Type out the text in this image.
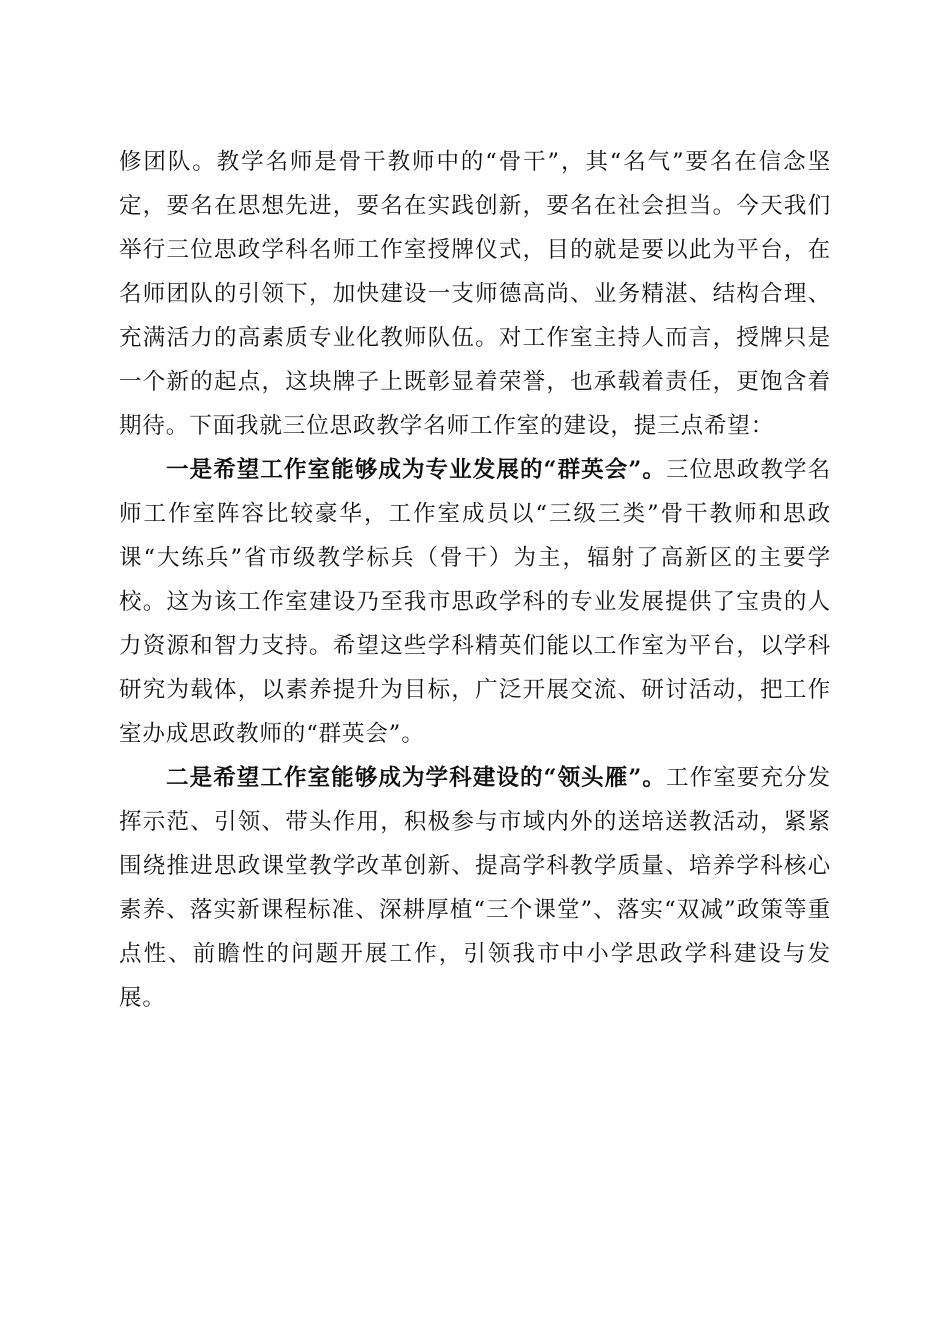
修团队。教学名师是骨干教师中的“骨干”，其“名气”要名在信念坚定，要名在思想先进，要名在实践创新，要名在社会担当。今天我们举行三位思政学科名师工作室授牌仪式，目的就是要以此为平台，在名师团队的引领下，加快建设一支师德高尚、业务精湛、结构合理、充满活力的高素质专业化教师队伍。对工作室主持人而言，授牌只是一个新的起点，这块牌子上既彰显着荣誉，也承载着责任，更饱含着期待。下面我就三位思政教学名师工作室的建设，提三点希望：

一是希望工作室能够成为专业发展的“群英会”。三位思政教学名师工作室阵容比较豪华，工作室成员以“三级三类”骨干教师和思政课“大练兵”省市级教学标兵（骨干）为主，辐射了高新区的主要学校。这为该工作室建设乃至我市思政学科的专业发展提供了宝贵的人力资源和智力支持。希望这些学科精英们能以工作室为平台，以学科研究为载体，以素养提升为目标，广泛开展交流、研讨活动，把工作室办成思政教师的“群英会”。

二是希望工作室能够成为学科建设的“领头雁”。工作室要充分发挥示范、引领、带头作用，积极参与市域内外的送培送教活动，紧紧围绕推进思政课堂教学改革创新、提高学科教学质量、培养学科核心素养、落实新课程标准、深耕厚植“三个课堂”、落实“双减”政策等重点性、前瞻性的问题开展工作，引领我市中小学思政学科建设与发展。
